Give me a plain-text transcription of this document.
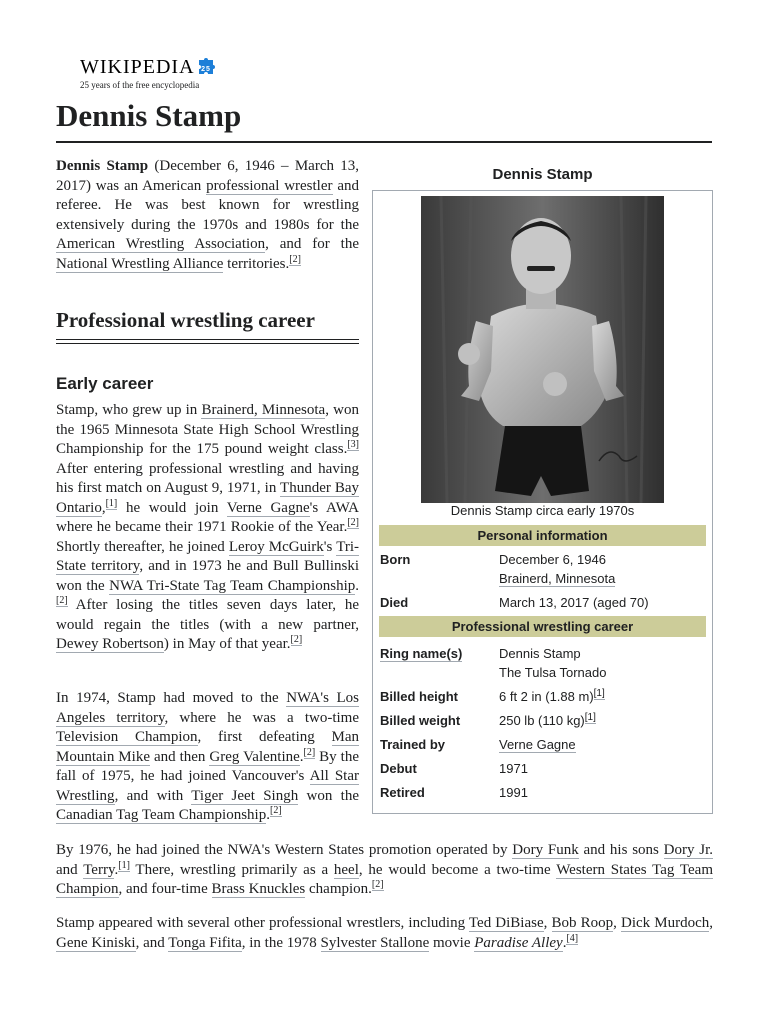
WIKIPEDIA 25
25 years of the free encyclopedia
Dennis Stamp

Dennis Stamp (December 6, 1946 – March 13, 2017) was an American professional wrestler and referee. He was best known for wrestling extensively during the 1970s and 1980s for the American Wrestling Association, and for the National Wrestling Alliance territories.[2]

Professional wrestling career
Early career

Stamp, who grew up in Brainerd, Minnesota, won the 1965 Minnesota State High School Wrestling Championship for the 175 pound weight class.[3] After entering professional wrestling and having his first match on August 9, 1971, in Thunder Bay Ontario,[1] he would join Verne Gagne's AWA where he became their 1971 Rookie of the Year.[2] Shortly thereafter, he joined Leroy McGuirk's Tri-State territory, and in 1973 he and Bull Bullinski won the NWA Tri-State Tag Team Championship.[2] After losing the titles seven days later, he would regain the titles (with a new partner, Dewey Robertson) in May of that year.[2]

In 1974, Stamp had moved to the NWA's Los Angeles territory, where he was a two-time Television Champion, first defeating Man Mountain Mike and then Greg Valentine.[2] By the fall of 1975, he had joined Vancouver's All Star Wrestling, and with Tiger Jeet Singh won the Canadian Tag Team Championship.[2]

By 1976, he had joined the NWA's Western States promotion operated by Dory Funk and his sons Dory Jr. and Terry.[1] There, wrestling primarily as a heel, he would become a two-time Western States Tag Team Champion, and four-time Brass Knuckles champion.[2]

Stamp appeared with several other professional wrestlers, including Ted DiBiase, Bob Roop, Dick Murdoch, Gene Kiniski, and Tonga Fifita, in the 1978 Sylvester Stallone movie Paradise Alley.[4]

Dennis Stamp
Dennis Stamp circa early 1970s
Personal information
Born	December 6, 1946
Brainerd, Minnesota
Died	March 13, 2017 (aged 70)
Professional wrestling career
Ring name(s)	Dennis Stamp
The Tulsa Tornado
Billed height	6 ft 2 in (1.88 m)[1]
Billed weight	250 lb (110 kg)[1]
Trained by	Verne Gagne
Debut	1971
Retired	1991
